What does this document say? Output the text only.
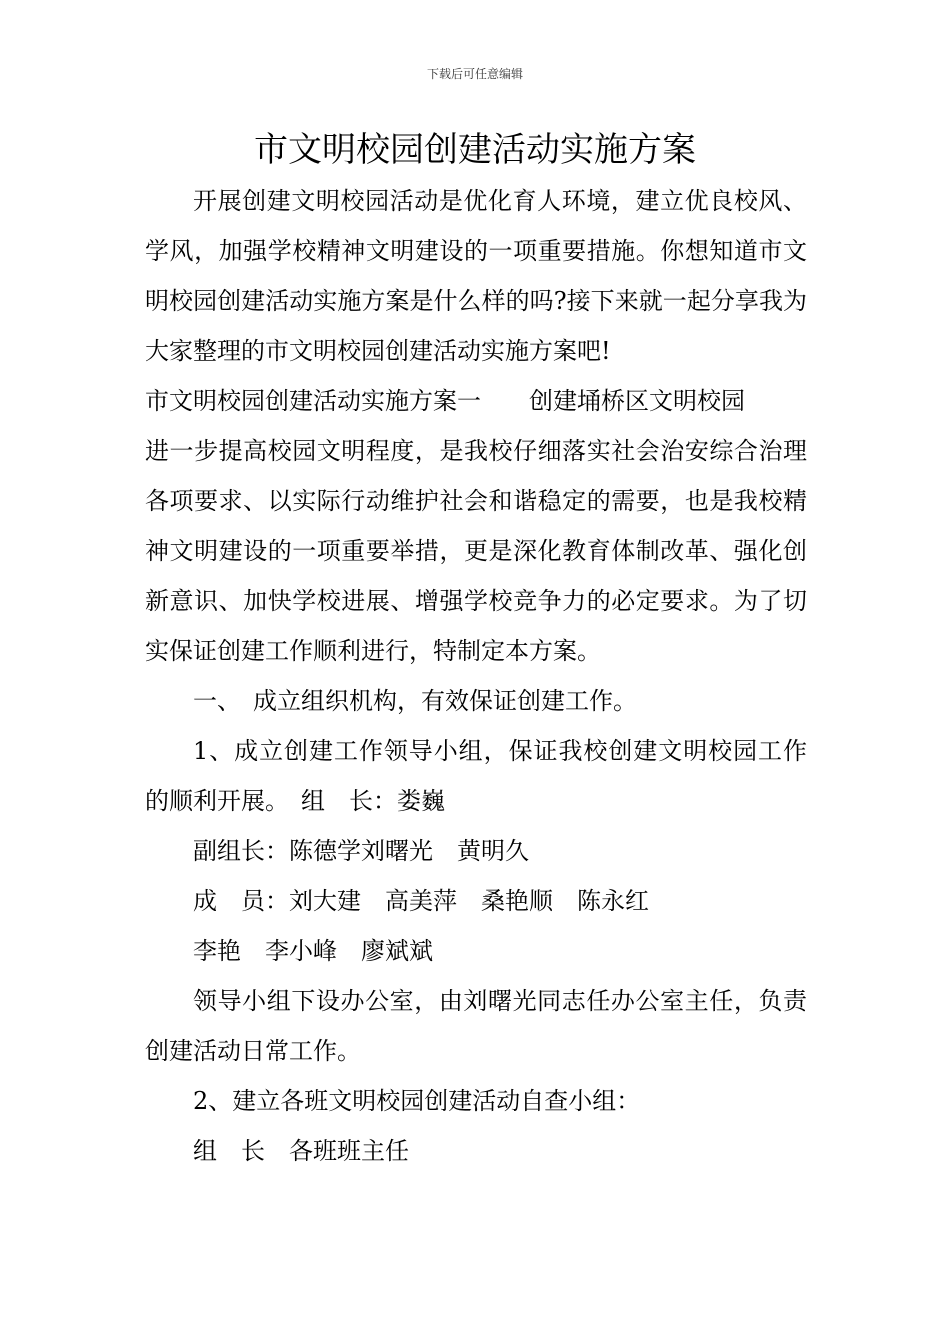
下载后可任意编辑
市文明校园创建活动实施方案

开展创建文明校园活动是优化育人环境，建立优良校风、学风，加强学校精神文明建设的一项重要措施。你想知道市文明校园创建活动实施方案是什么样的吗?接下来就一起分享我为大家整理的市文明校园创建活动实施方案吧!

市文明校园创建活动实施方案一　　创建埇桥区文明校园

进一步提高校园文明程度，是我校仔细落实社会治安综合治理各项要求、以实际行动维护社会和谐稳定的需要，也是我校精神文明建设的一项重要举措，更是深化教育体制改革、强化创新意识、加快学校进展、增强学校竞争力的必定要求。为了切实保证创建工作顺利进行，特制定本方案。

一、　成立组织机构，有效保证创建工作。

1、成立创建工作领导小组，保证我校创建文明校园工作的顺利开展。　组　长：娄巍

副组长：陈德学刘曙光　黄明久

成　员：刘大建　高美萍　桑艳顺　陈永红

李艳　李小峰　廖斌斌

领导小组下设办公室，由刘曙光同志任办公室主任，负责创建活动日常工作。

2、建立各班文明校园创建活动自查小组：

组　长　各班班主任
